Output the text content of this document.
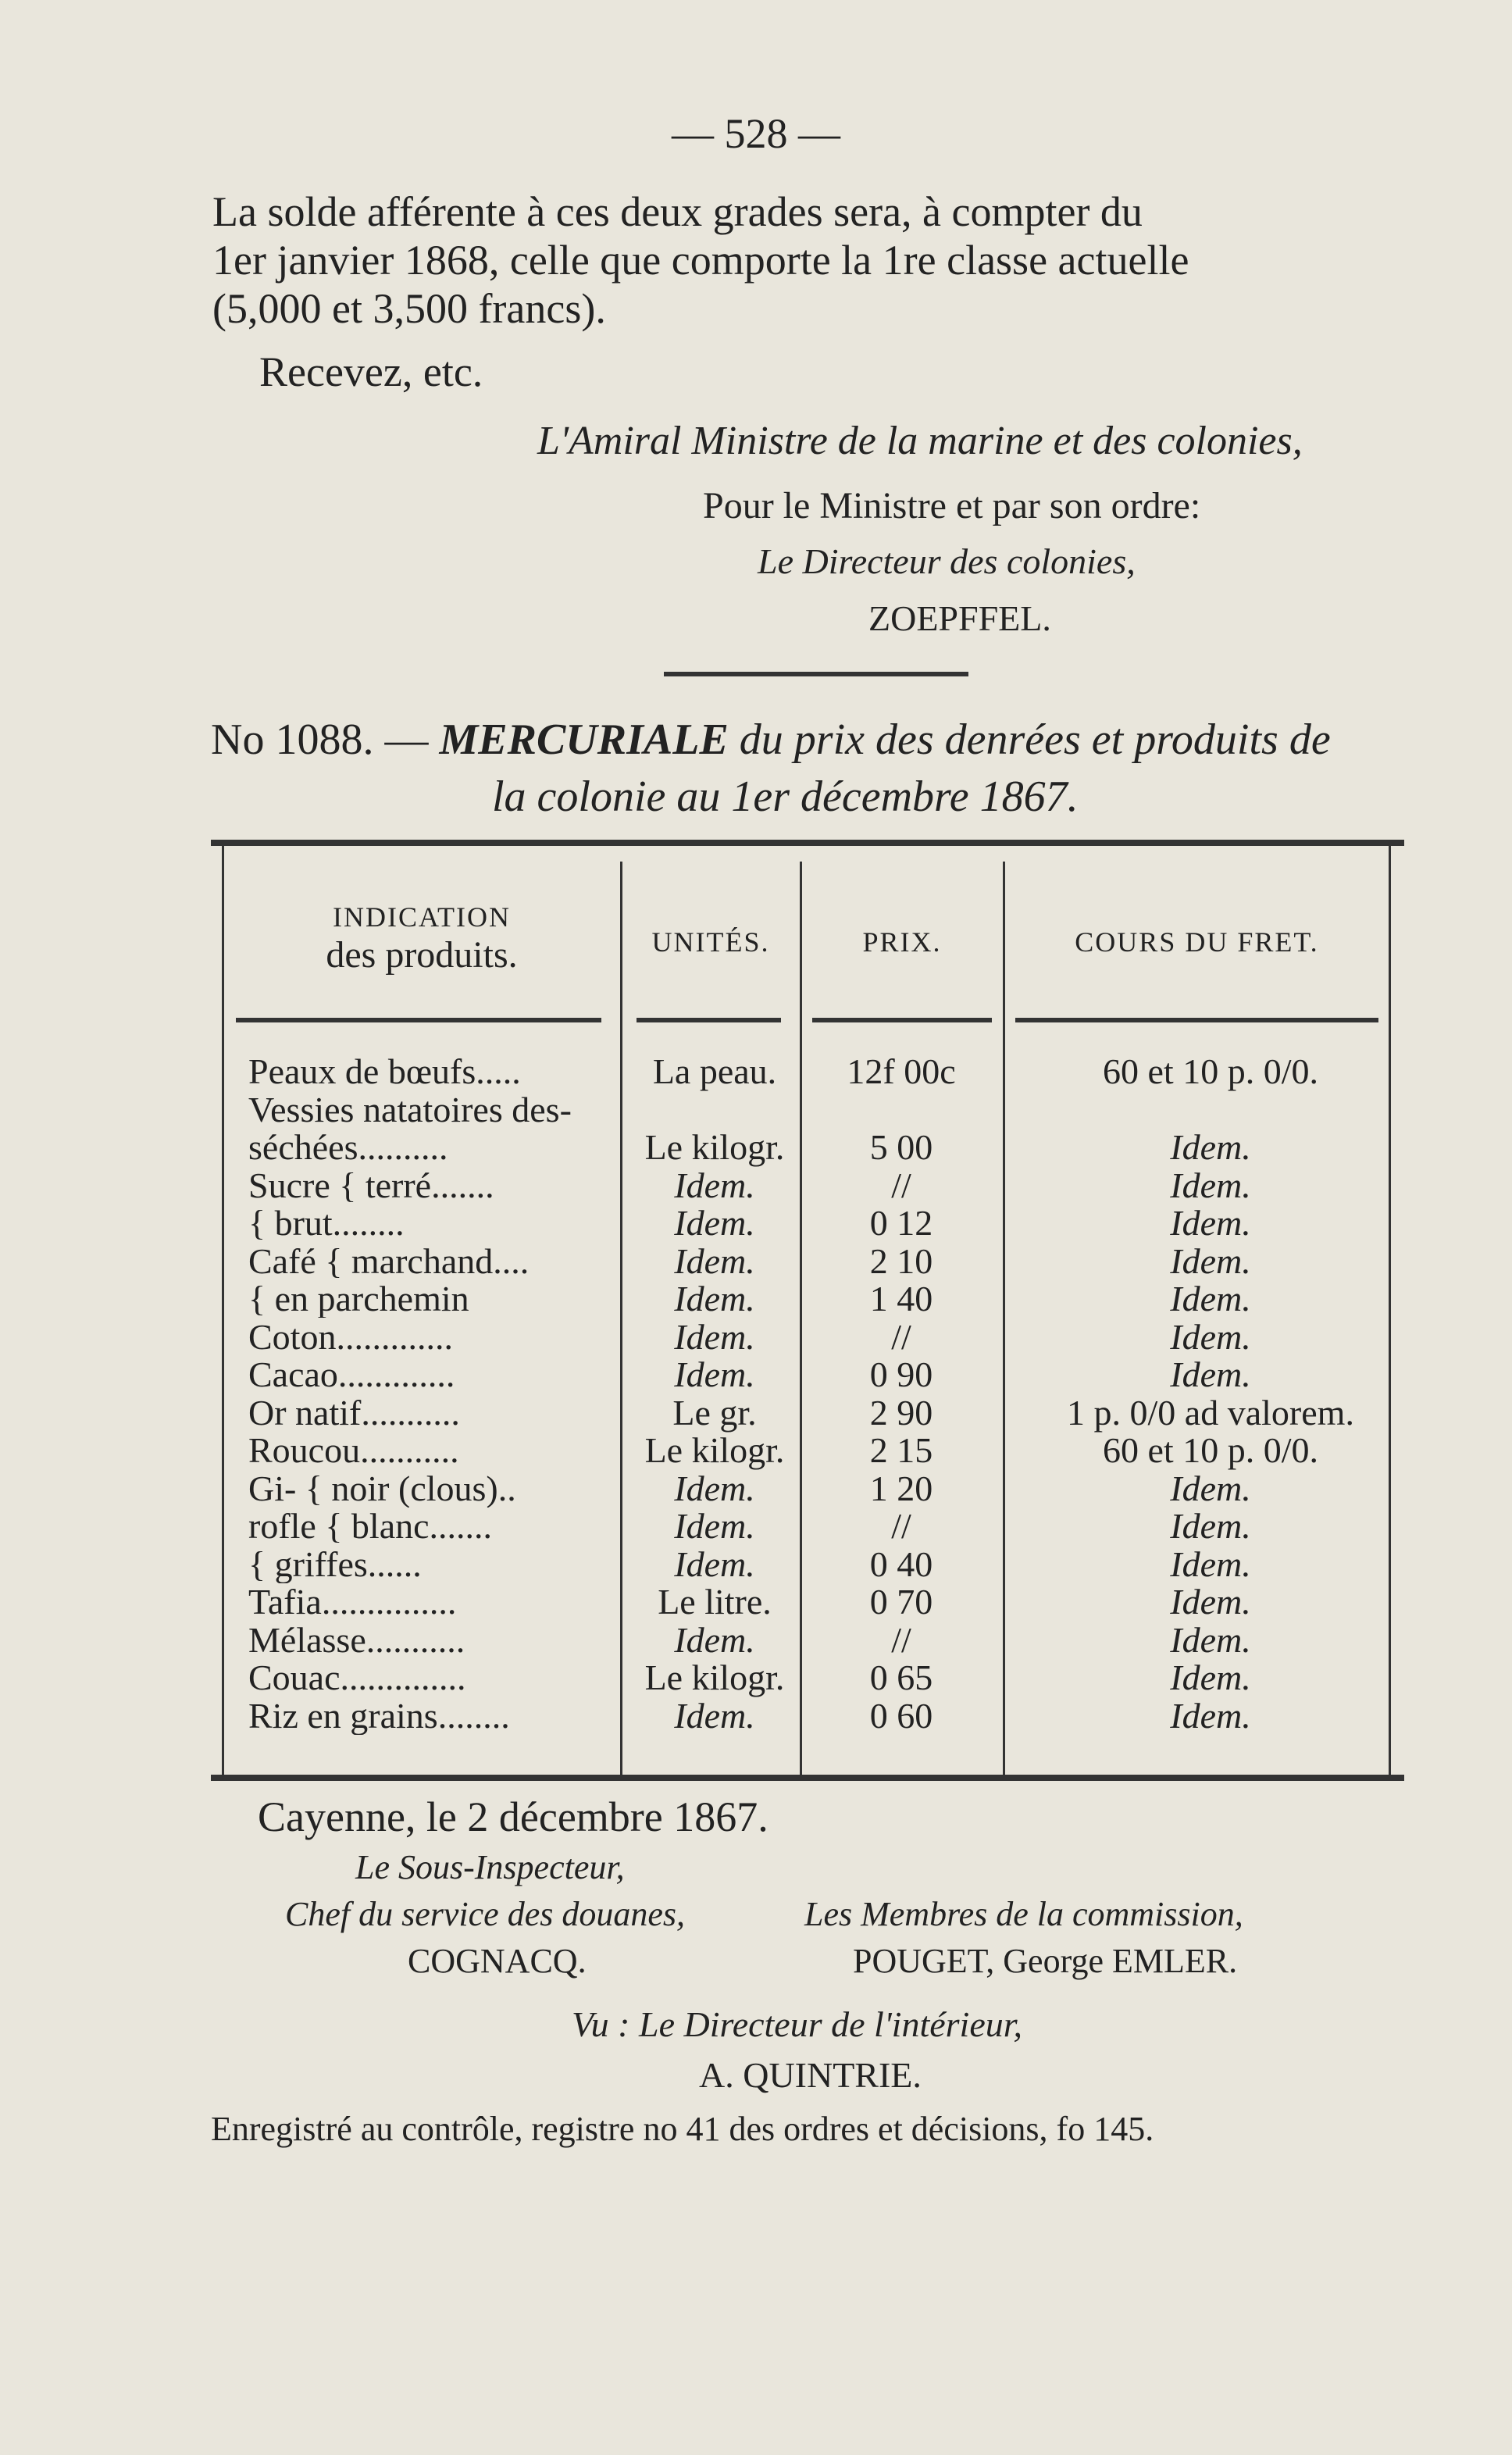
— 528 —
La solde afférente à ces deux grades sera, à compter du
1er janvier 1868, celle que comporte la 1re classe actuelle
(5,000 et 3,500 francs).
Recevez, etc.
L'Amiral Ministre de la marine et des colonies,
Pour le Ministre et par son ordre:
Le Directeur des colonies,
ZOEPFFEL.
No 1088. — MERCURIALE du prix des denrées et produits de
la colonie au 1er décembre 1867.
INDICATION
des produits.	UNITÉS.	PRIX.	COURS DU FRET.
Peaux de bœufs.....	La peau.	12f 00c	60 et 10 p. 0/0.
Vessies natatoires des-
séchées..........	Le kilogr.	5 00	Idem.
Sucre { terré.......	Idem.	//	Idem.
{ brut........	Idem.	0 12	Idem.
Café { marchand....	Idem.	2 10	Idem.
{ en parchemin	Idem.	1 40	Idem.
Coton.............	Idem.	//	Idem.
Cacao.............	Idem.	0 90	Idem.
Or natif...........	Le gr.	2 90	1 p. 0/0 ad valorem.
Roucou...........	Le kilogr.	2 15	60 et 10 p. 0/0.
Gi- { noir (clous)..	Idem.	1 20	Idem.
rofle { blanc.......	Idem.	//	Idem.
{ griffes......	Idem.	0 40	Idem.
Tafia...............	Le litre.	0 70	Idem.
Mélasse...........	Idem.	//	Idem.
Couac..............	Le kilogr.	0 65	Idem.
Riz en grains........	Idem.	0 60	Idem.
Cayenne, le 2 décembre 1867.
Le Sous-Inspecteur,
Chef du service des douanes,	Les Membres de la commission,
COGNACQ.	POUGET, George EMLER.
Vu : Le Directeur de l'intérieur,
A. QUINTRIE.
Enregistré au contrôle, registre no 41 des ordres et décisions, fo 145.
